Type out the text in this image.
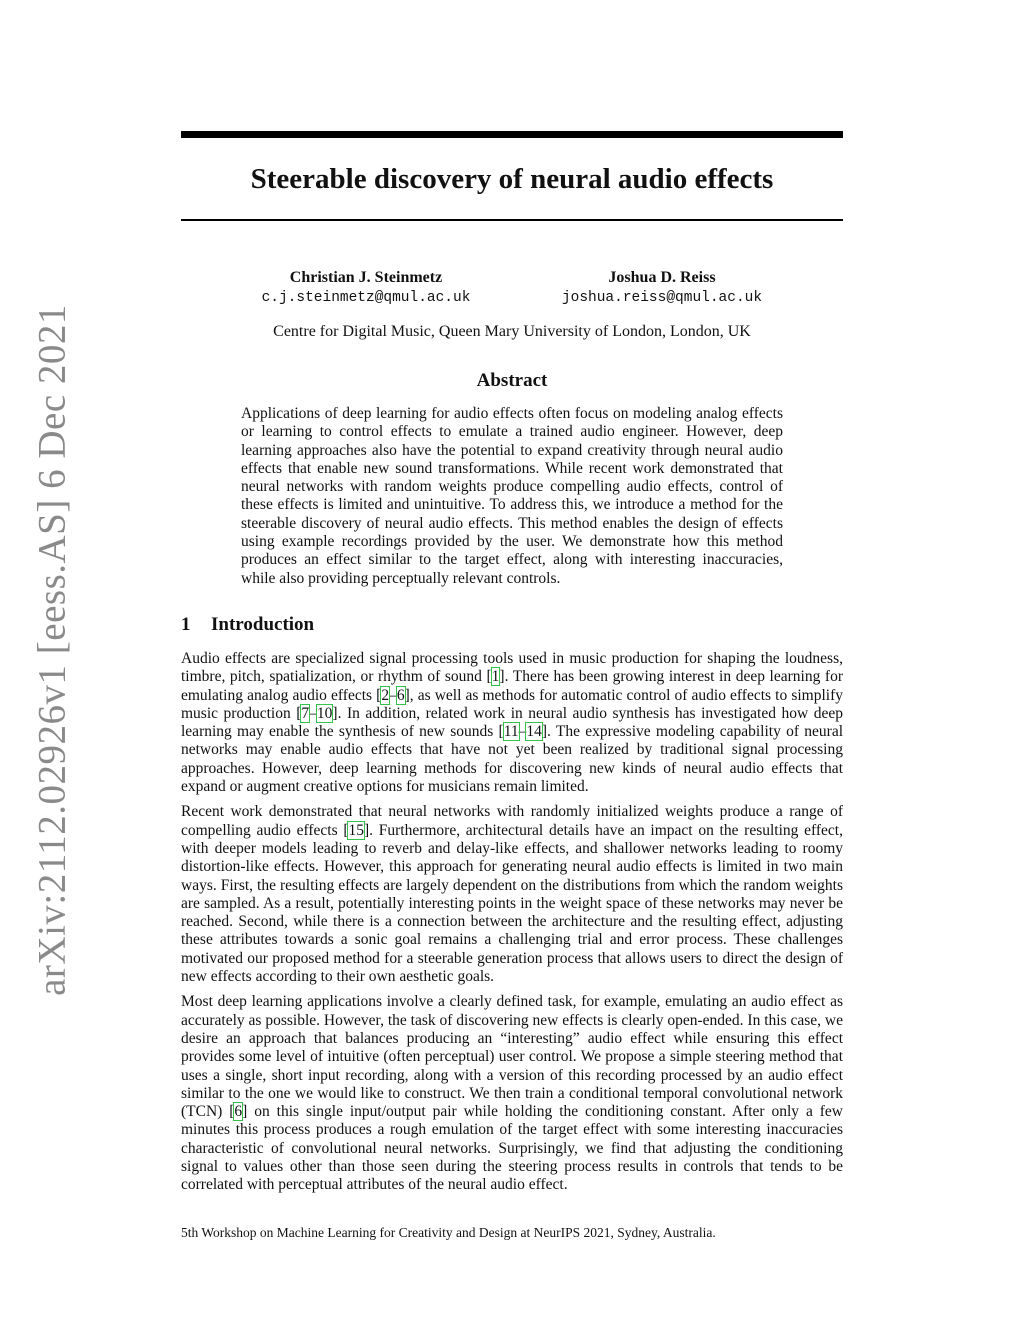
arXiv:2112.02926v1 [eess.AS] 6 Dec 2021
Steerable discovery of neural audio effects
Christian J. Steinmetz
c.j.steinmetz@qmul.ac.uk
Joshua D. Reiss
joshua.reiss@qmul.ac.uk
Centre for Digital Music, Queen Mary University of London, London, UK
Abstract

Applications of deep learning for audio effects often focus on modeling analog effects or learning to control effects to emulate a trained audio engineer. However, deep learning approaches also have the potential to expand creativity through neural audio effects that enable new sound transformations. While recent work demonstrated that neural networks with random weights produce compelling audio effects, control of these effects is limited and unintuitive. To address this, we introduce a method for the steerable discovery of neural audio effects. This method enables the design of effects using example recordings provided by the user. We demonstrate how this method produces an effect similar to the target effect, along with interesting inaccuracies, while also providing perceptually relevant controls.

1 Introduction

Audio effects are specialized signal processing tools used in music production for shaping the loudness, timbre, pitch, spatialization, or rhythm of sound [1]. There has been growing interest in deep learning for emulating analog audio effects [2–6], as well as methods for automatic control of audio effects to simplify music production [7–10]. In addition, related work in neural audio synthesis has investigated how deep learning may enable the synthesis of new sounds [11–14]. The expressive modeling capability of neural networks may enable audio effects that have not yet been realized by traditional signal processing approaches. However, deep learning methods for discovering new kinds of neural audio effects that expand or augment creative options for musicians remain limited.

Recent work demonstrated that neural networks with randomly initialized weights produce a range of compelling audio effects [15]. Furthermore, architectural details have an impact on the resulting effect, with deeper models leading to reverb and delay-like effects, and shallower networks leading to roomy distortion-like effects. However, this approach for generating neural audio effects is limited in two main ways. First, the resulting effects are largely dependent on the distributions from which the random weights are sampled. As a result, potentially interesting points in the weight space of these networks may never be reached. Second, while there is a connection between the architecture and the resulting effect, adjusting these attributes towards a sonic goal remains a challenging trial and error process. These challenges motivated our proposed method for a steerable generation process that allows users to direct the design of new effects according to their own aesthetic goals.

Most deep learning applications involve a clearly defined task, for example, emulating an audio effect as accurately as possible. However, the task of discovering new effects is clearly open-ended. In this case, we desire an approach that balances producing an “interesting” audio effect while ensuring this effect provides some level of intuitive (often perceptual) user control. We propose a simple steering method that uses a single, short input recording, along with a version of this recording processed by an audio effect similar to the one we would like to construct. We then train a conditional temporal convolutional network (TCN) [6] on this single input/output pair while holding the conditioning constant. After only a few minutes this process produces a rough emulation of the target effect with some interesting inaccuracies characteristic of convolutional neural networks. Surprisingly, we find that adjusting the conditioning signal to values other than those seen during the steering process results in controls that tends to be correlated with perceptual attributes of the neural audio effect.

5th Workshop on Machine Learning for Creativity and Design at NeurIPS 2021, Sydney, Australia.
